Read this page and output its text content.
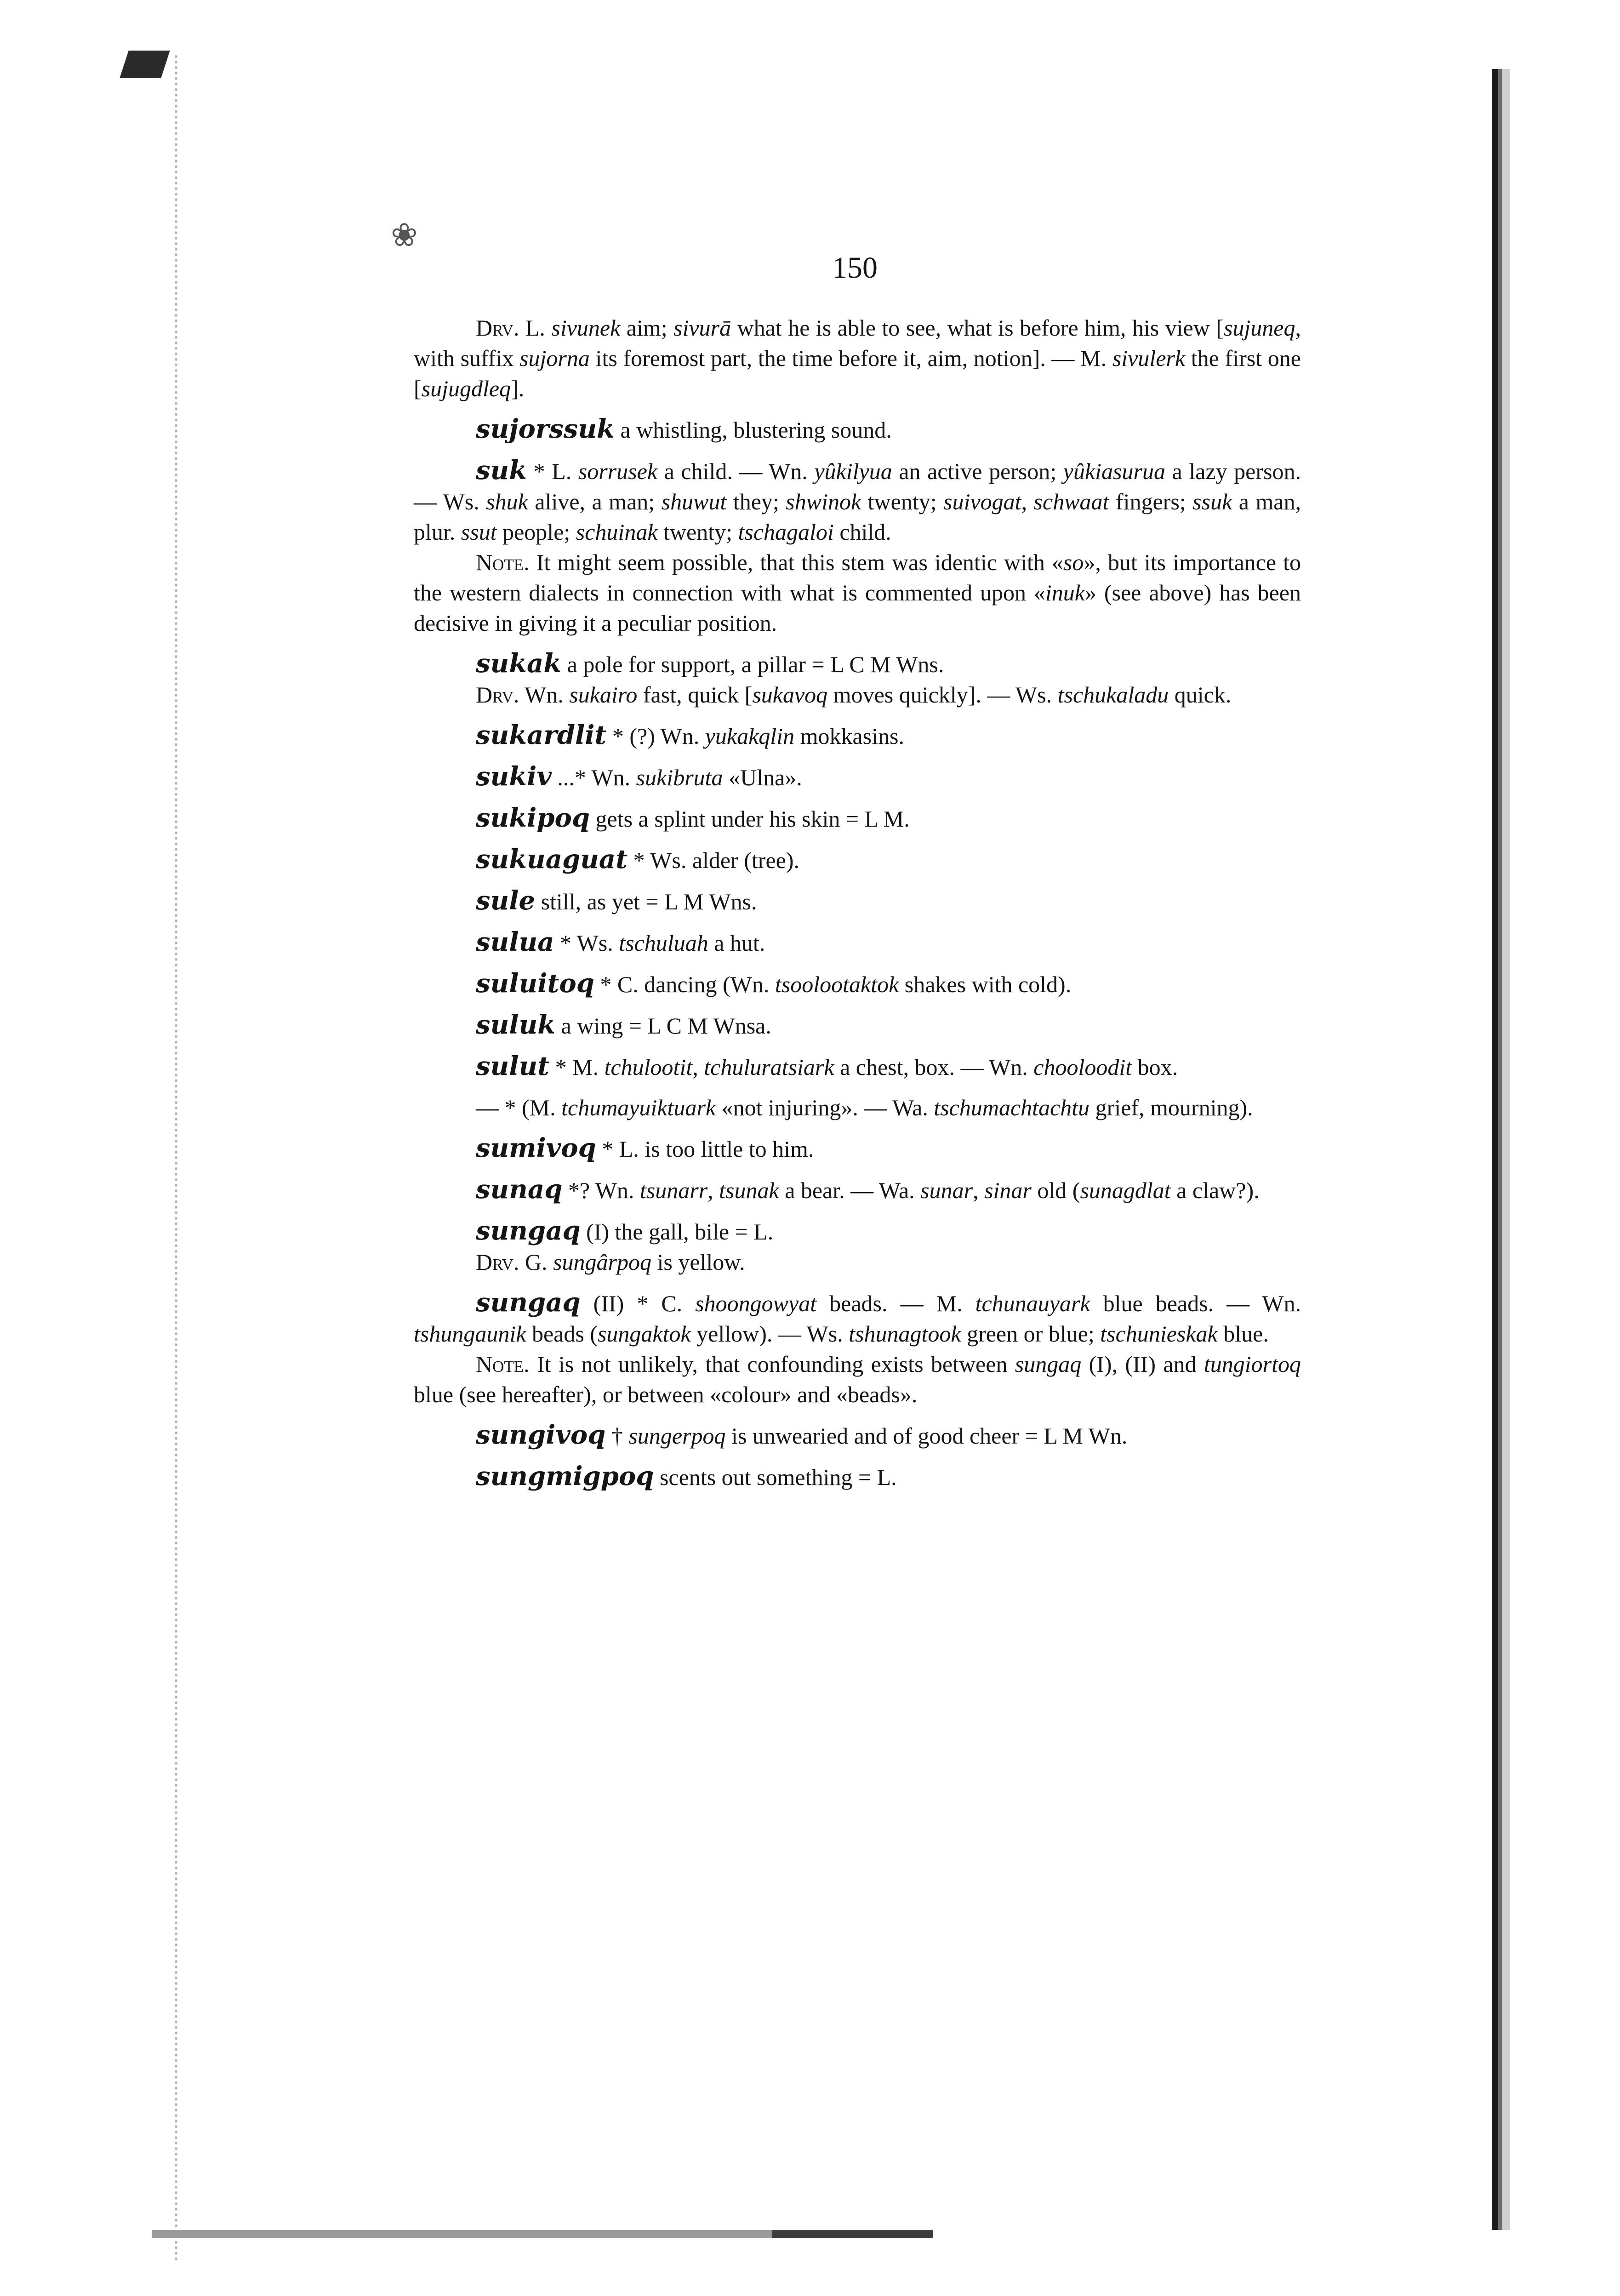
❀
150

Drv. L. sivunek aim; sivurā what he is able to see, what is before him, his view [sujuneq, with suffix sujorna its foremost part, the time before it, aim, notion]. — M. sivulerk the first one [sujugdleq].

sujorssuk a whistling, blustering sound.

suk * L. sorrusek a child. — Wn. yûkilyua an active person; yûkiasurua a lazy person. — Ws. shuk alive, a man; shuwut they; shwinok twenty; suivogat, schwaat fingers; ssuk a man, plur. ssut people; schuinak twenty; tschagaloi child.

Note. It might seem possible, that this stem was identic with «so», but its importance to the western dialects in connection with what is commented upon «inuk» (see above) has been decisive in giving it a peculiar position.

sukak a pole for support, a pillar = L C M Wns.

Drv. Wn. sukairo fast, quick [sukavoq moves quickly]. — Ws. tschukaladu quick.

sukardlit * (?) Wn. yukakqlin mokkasins.

sukiv ...* Wn. sukibruta «Ulna».

sukipoq gets a splint under his skin = L M.

sukuaguat * Ws. alder (tree).

sule still, as yet = L M Wns.

sulua * Ws. tschuluah a hut.

suluitoq * C. dancing (Wn. tsoolootaktok shakes with cold).

suluk a wing = L C M Wnsa.

sulut * M. tchulootit, tchuluratsiark a chest, box. — Wn. chooloodit box.

— * (M. tchumayuiktuark «not injuring». — Wa. tschumachtachtu grief, mourning).

sumivoq * L. is too little to him.

sunaq *? Wn. tsunarr, tsunak a bear. — Wa. sunar, sinar old (sunagdlat a claw?).

sungaq (I) the gall, bile = L.

Drv. G. sungârpoq is yellow.

sungaq (II) * C. shoongowyat beads. — M. tchunauyark blue beads. — Wn. tshungaunik beads (sungaktok yellow). — Ws. tshunagtook green or blue; tschunieskak blue.

Note. It is not unlikely, that confounding exists between sungaq (I), (II) and tungiortoq blue (see hereafter), or between «colour» and «beads».

sungivoq † sungerpoq is unwearied and of good cheer = L M Wn.

sungmigpoq scents out something = L.
